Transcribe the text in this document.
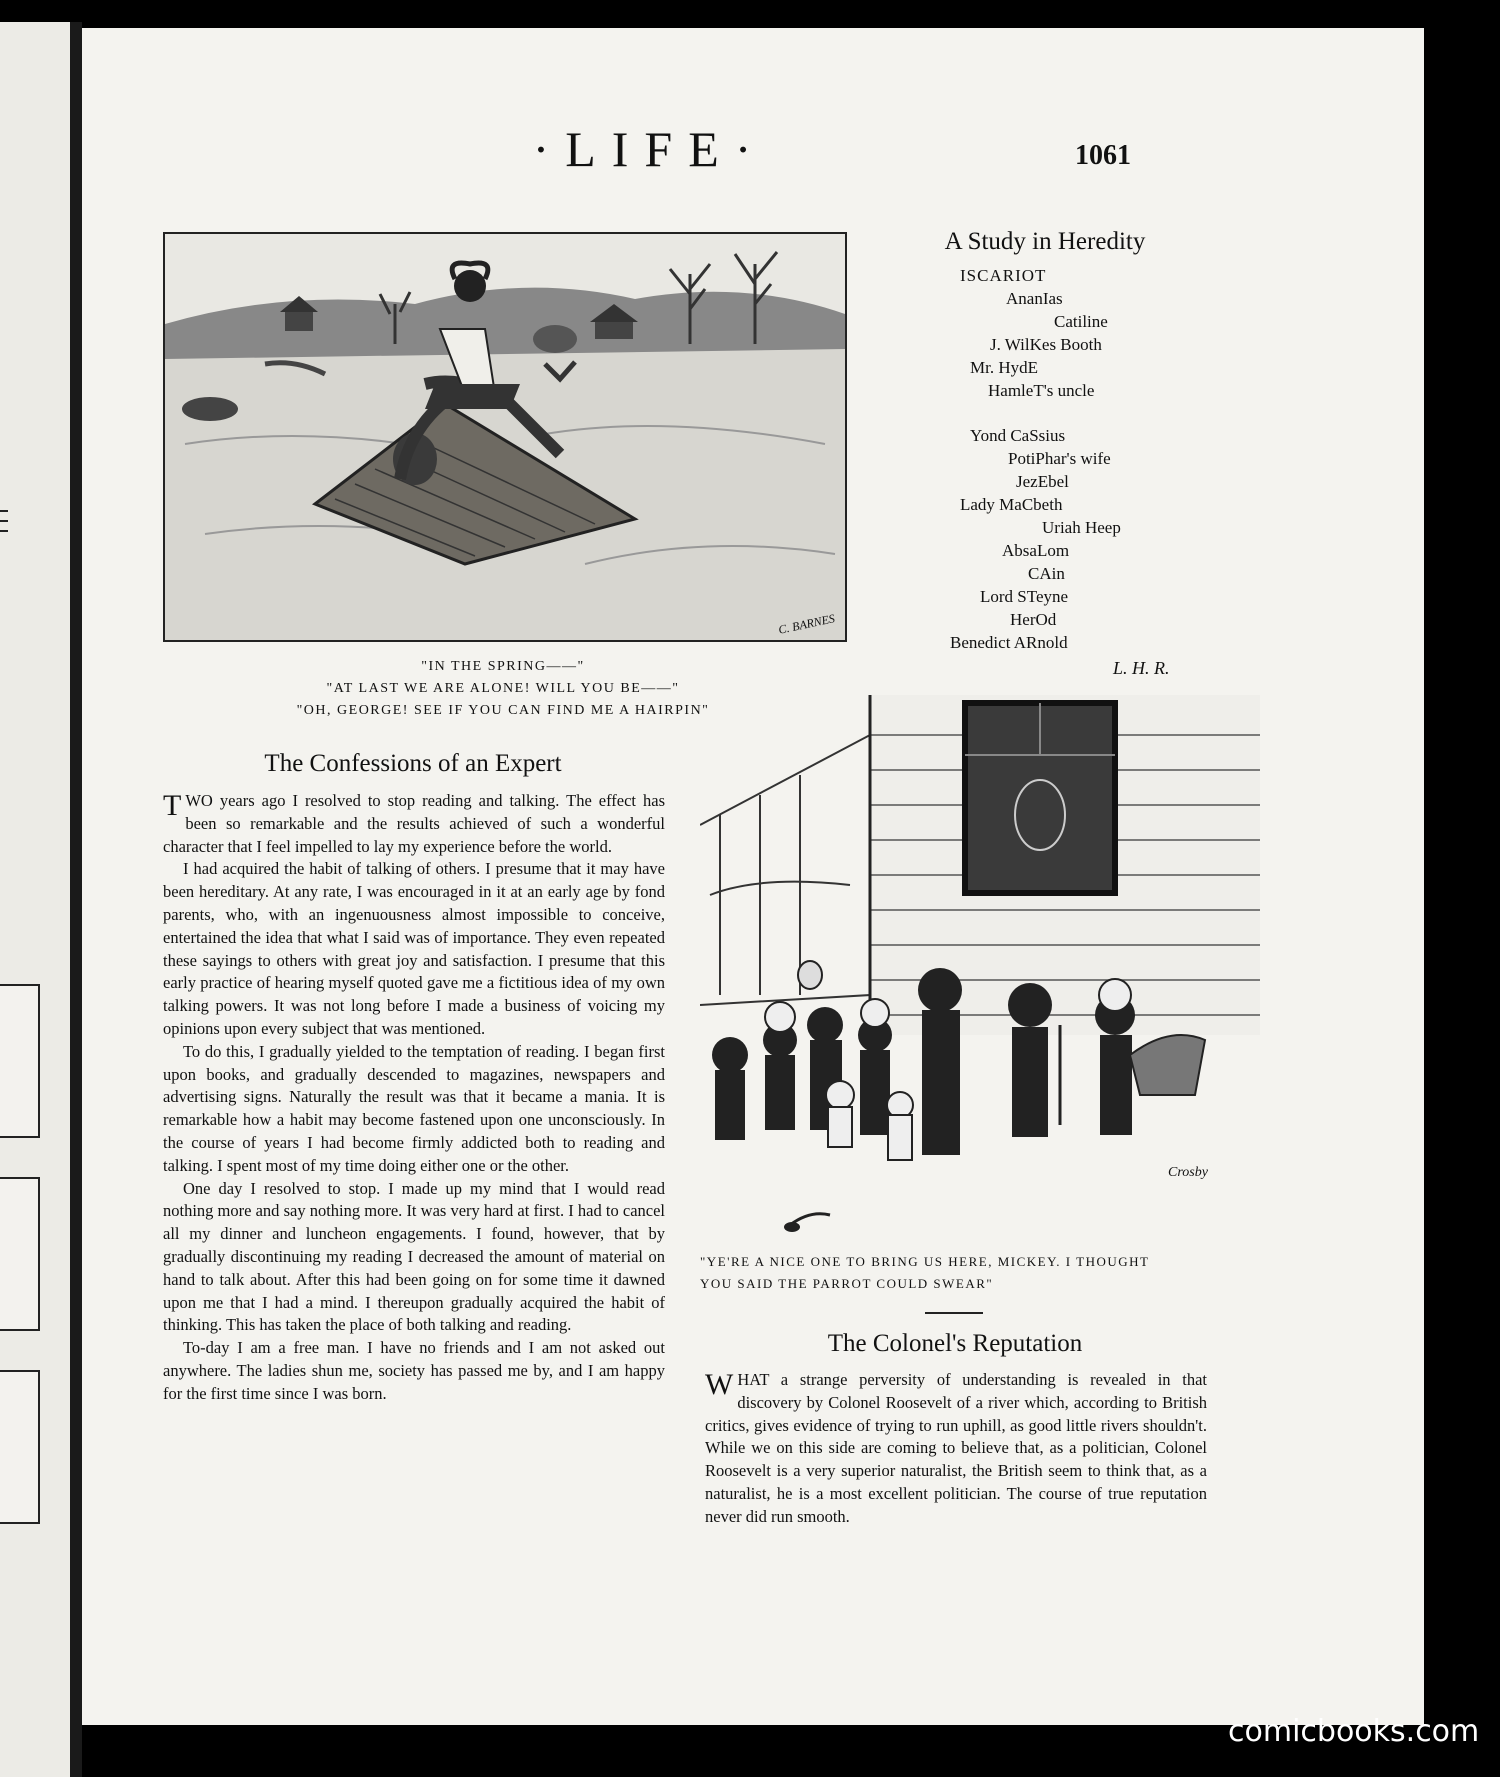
·LIFE·	1061
C. BARNES
"IN THE SPRING——"
"AT LAST WE ARE ALONE! WILL YOU BE——"
"OH, GEORGE! SEE IF YOU CAN FIND ME A HAIRPIN"
A Study in Heredity
ISCARIOT
AnanIas
Catiline
J. WilKes Booth
Mr. HydE
HamleT's uncle
Yond CaSsius
PotiPhar's wife
JezEbel
Lady MaCbeth
Uriah Heep
AbsaLom
CAin
Lord STeyne
HerOd
Benedict ARnold
L. H. R.
The Confessions of an Expert

TWO years ago I resolved to stop reading and talking. The effect has been so remarkable and the results achieved of such a wonderful character that I feel impelled to lay my experience before the world.

I had acquired the habit of talking of others. I presume that it may have been hereditary. At any rate, I was encouraged in it at an early age by fond parents, who, with an ingenuousness almost impossible to conceive, entertained the idea that what I said was of importance. They even repeated these sayings to others with great joy and satisfaction. I presume that this early practice of hearing myself quoted gave me a fictitious idea of my own talking powers. It was not long before I made a business of voicing my opinions upon every subject that was mentioned.

To do this, I gradually yielded to the temptation of reading. I began first upon books, and gradually descended to magazines, newspapers and advertising signs. Naturally the result was that it became a mania. It is remarkable how a habit may become fastened upon one unconsciously. In the course of years I had become firmly addicted both to reading and talking. I spent most of my time doing either one or the other.

One day I resolved to stop. I made up my mind that I would read nothing more and say nothing more. It was very hard at first. I had to cancel all my dinner and luncheon engagements. I found, however, that by gradually discontinuing my reading I decreased the amount of material on hand to talk about. After this had been going on for some time it dawned upon me that I had a mind. I thereupon gradually acquired the habit of thinking. This has taken the place of both talking and reading.

To-day I am a free man. I have no friends and I am not asked out anywhere. The ladies shun me, society has passed me by, and I am happy for the first time since I was born.

Crosby
"YE'RE A NICE ONE TO BRING US HERE, MICKEY. I THOUGHT
YOU SAID THE PARROT COULD SWEAR"
The Colonel's Reputation

WHAT a strange perversity of understanding is revealed in that discovery by Colonel Roosevelt of a river which, according to British critics, gives evidence of trying to run uphill, as good little rivers shouldn't. While we on this side are coming to believe that, as a politician, Colonel Roosevelt is a very superior naturalist, the British seem to think that, as a naturalist, he is a most excellent politician. The course of true reputation never did run smooth.

comicbooks.com
